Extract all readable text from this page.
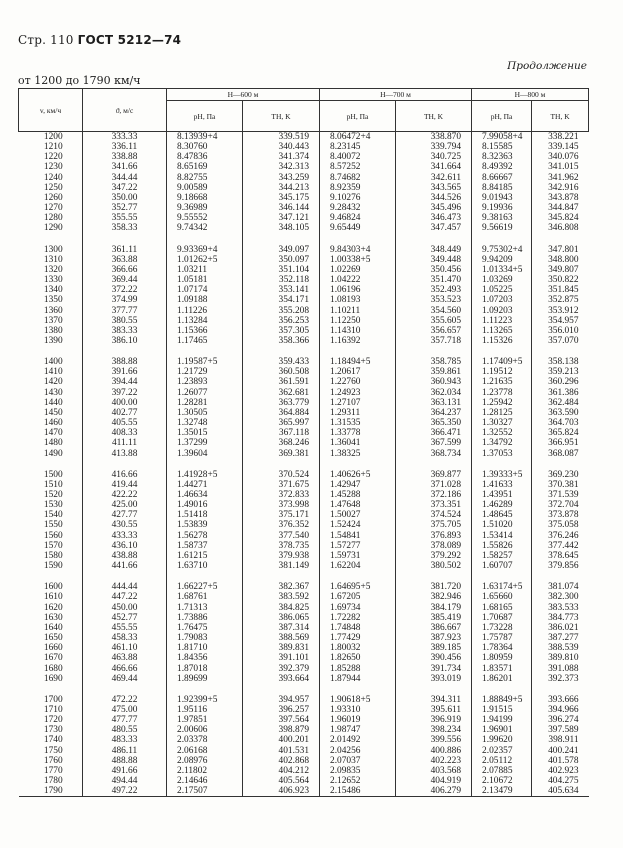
Стр. 110 ГОСТ 5212—74
Продолжение
от 1200 до 1790 км/ч
v, км/ч	ϑ, м/с	H—600 м		H—700 м		H—800 м	
		pH, Па	TH, K	pH, Па	TH, K	pH, Па	TH, K
1200	333.33	8.13939+4	339.519	8.06472+4	338.870	7.99058+4	338.221
1210	336.11	8.30760	340.443	8.23145	339.794	8.15585	339.145
1220	338.88	8.47836	341.374	8.40072	340.725	8.32363	340.076
1230	341.66	8.65169	342.313	8.57252	341.664	8.49392	341.015
1240	344.44	8.82755	343.259	8.74682	342.611	8.66667	341.962
1250	347.22	9.00589	344.213	8.92359	343.565	8.84185	342.916
1260	350.00	9.18668	345.175	9.10276	344.526	9.01943	343.878
1270	352.77	9.36989	346.144	9.28432	345.496	9.19936	344.847
1280	355.55	9.55552	347.121	9.46824	346.473	9.38163	345.824
1290	358.33	9.74342	348.105	9.65449	347.457	9.56619	346.808

1300	361.11	9.93369+4	349.097	9.84303+4	348.449	9.75302+4	347.801
1310	363.88	1.01262+5	350.097	1.00338+5	349.448	9.94209	348.800
1320	366.66	1.03211	351.104	1.02269	350.456	1.01334+5	349.807
1330	369.44	1.05181	352.118	1.04222	351.470	1.03269	350.822
1340	372.22	1.07174	353.141	1.06196	352.493	1.05225	351.845
1350	374.99	1.09188	354.171	1.08193	353.523	1.07203	352.875
1360	377.77	1.11226	355.208	1.10211	354.560	1.09203	353.912
1370	380.55	1.13284	356.253	1.12250	355.605	1.11223	354.957
1380	383.33	1.15366	357.305	1.14310	356.657	1.13265	356.010
1390	386.10	1.17465	358.366	1.16392	357.718	1.15326	357.070

1400	388.88	1.19587+5	359.433	1.18494+5	358.785	1.17409+5	358.138
1410	391.66	1.21729	360.508	1.20617	359.861	1.19512	359.213
1420	394.44	1.23893	361.591	1.22760	360.943	1.21635	360.296
1430	397.22	1.26077	362.681	1.24923	362.034	1.23778	361.386
1440	400.00	1.28281	363.779	1.27107	363.131	1.25942	362.484
1450	402.77	1.30505	364.884	1.29311	364.237	1.28125	363.590
1460	405.55	1.32748	365.997	1.31535	365.350	1.30327	364.703
1470	408.33	1.35015	367.118	1.33778	366.471	1.32552	365.824
1480	411.11	1.37299	368.246	1.36041	367.599	1.34792	366.951
1490	413.88	1.39604	369.381	1.38325	368.734	1.37053	368.087

1500	416.66	1.41928+5	370.524	1.40626+5	369.877	1.39333+5	369.230
1510	419.44	1.44271	371.675	1.42947	371.028	1.41633	370.381
1520	422.22	1.46634	372.833	1.45288	372.186	1.43951	371.539
1530	425.00	1.49016	373.998	1.47648	373.351	1.46289	372.704
1540	427.77	1.51418	375.171	1.50027	374.524	1.48645	373.878
1550	430.55	1.53839	376.352	1.52424	375.705	1.51020	375.058
1560	433.33	1.56278	377.540	1.54841	376.893	1.53414	376.246
1570	436.10	1.58737	378.735	1.57277	378.089	1.55826	377.442
1580	438.88	1.61215	379.938	1.59731	379.292	1.58257	378.645
1590	441.66	1.63710	381.149	1.62204	380.502	1.60707	379.856

1600	444.44	1.66227+5	382.367	1.64695+5	381.720	1.63174+5	381.074
1610	447.22	1.68761	383.592	1.67205	382.946	1.65660	382.300
1620	450.00	1.71313	384.825	1.69734	384.179	1.68165	383.533
1630	452.77	1.73886	386.065	1.72282	385.419	1.70687	384.773
1640	455.55	1.76475	387.314	1.74848	386.667	1.73228	386.021
1650	458.33	1.79083	388.569	1.77429	387.923	1.75787	387.277
1660	461.10	1.81710	389.831	1.80032	389.185	1.78364	388.539
1670	463.88	1.84356	391.101	1.82650	390.456	1.80959	389.810
1680	466.66	1.87018	392.379	1.85288	391.734	1.83571	391.088
1690	469.44	1.89699	393.664	1.87944	393.019	1.86201	392.373

1700	472.22	1.92399+5	394.957	1.90618+5	394.311	1.88849+5	393.666
1710	475.00	1.95116	396.257	1.93310	395.611	1.91515	394.966
1720	477.77	1.97851	397.564	1.96019	396.919	1.94199	396.274
1730	480.55	2.00606	398.879	1.98747	398.234	1.96901	397.589
1740	483.33	2.03378	400.201	2.01492	399.556	1.99620	398.911
1750	486.11	2.06168	401.531	2.04256	400.886	2.02357	400.241
1760	488.88	2.08976	402.868	2.07037	402.223	2.05112	401.578
1770	491.66	2.11802	404.212	2.09835	403.568	2.07885	402.923
1780	494.44	2.14646	405.564	2.12652	404.919	2.10672	404.275
1790	497.22	2.17507	406.923	2.15486	406.279	2.13479	405.634
